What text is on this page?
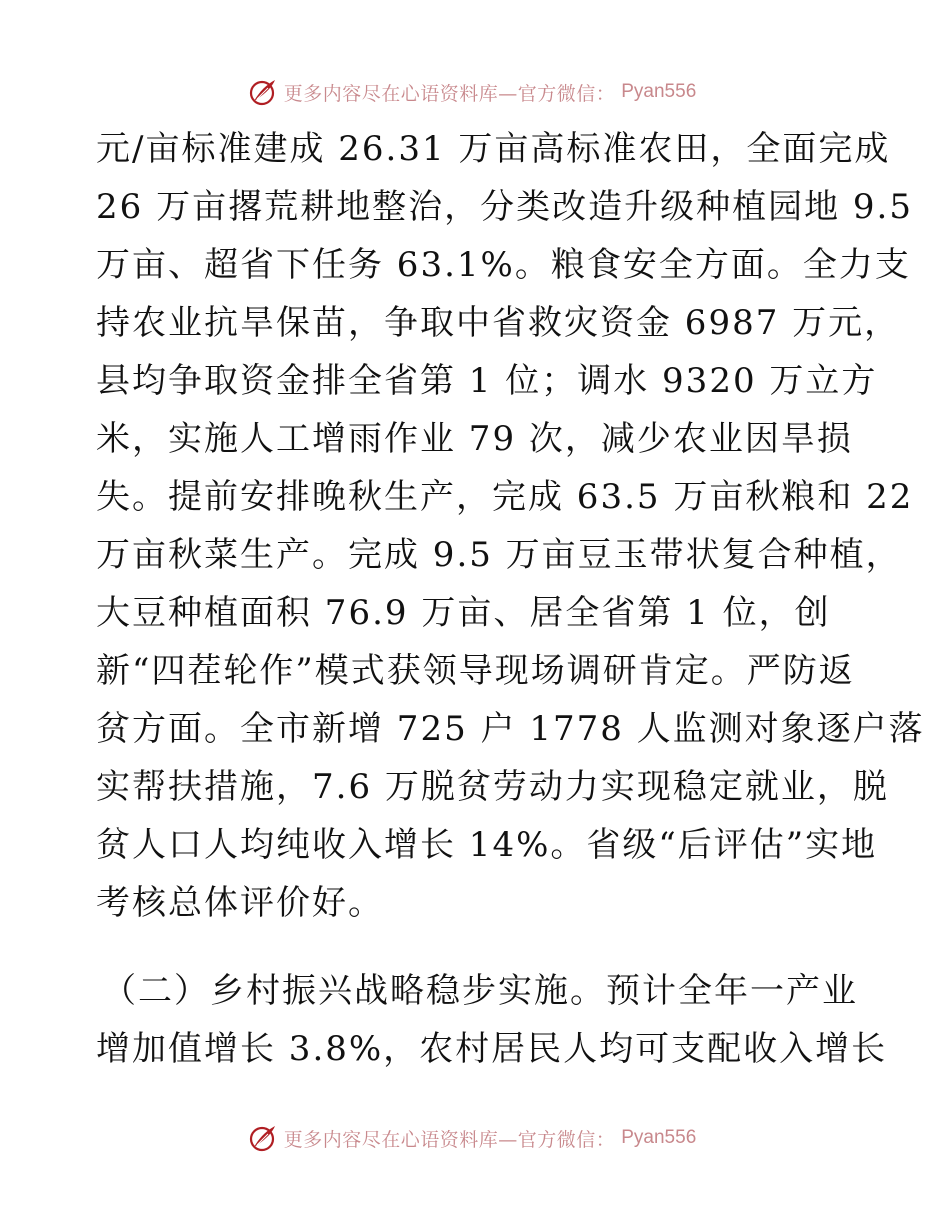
更多内容尽在心语资料库—官方微信： Pyan556
元/亩标准建成 26.31 万亩高标准农田，全面完成
26 万亩撂荒耕地整治，分类改造升级种植园地 9.5
万亩、超省下任务 63.1%。粮食安全方面。全力支
持农业抗旱保苗，争取中省救灾资金 6987 万元，
县均争取资金排全省第 1 位；调水 9320 万立方
米，实施人工增雨作业 79 次，减少农业因旱损
失。提前安排晚秋生产，完成 63.5 万亩秋粮和 22
万亩秋菜生产。完成 9.5 万亩豆玉带状复合种植，
大豆种植面积 76.9 万亩、居全省第 1 位，创
新“四茬轮作”模式获领导现场调研肯定。严防返
贫方面。全市新增 725 户 1778 人监测对象逐户落
实帮扶措施，7.6 万脱贫劳动力实现稳定就业，脱
贫人口人均纯收入增长 14%。省级“后评估”实地
考核总体评价好。
（二）乡村振兴战略稳步实施。预计全年一产业
增加值增长 3.8%，农村居民人均可支配收入增长
更多内容尽在心语资料库—官方微信： Pyan556
